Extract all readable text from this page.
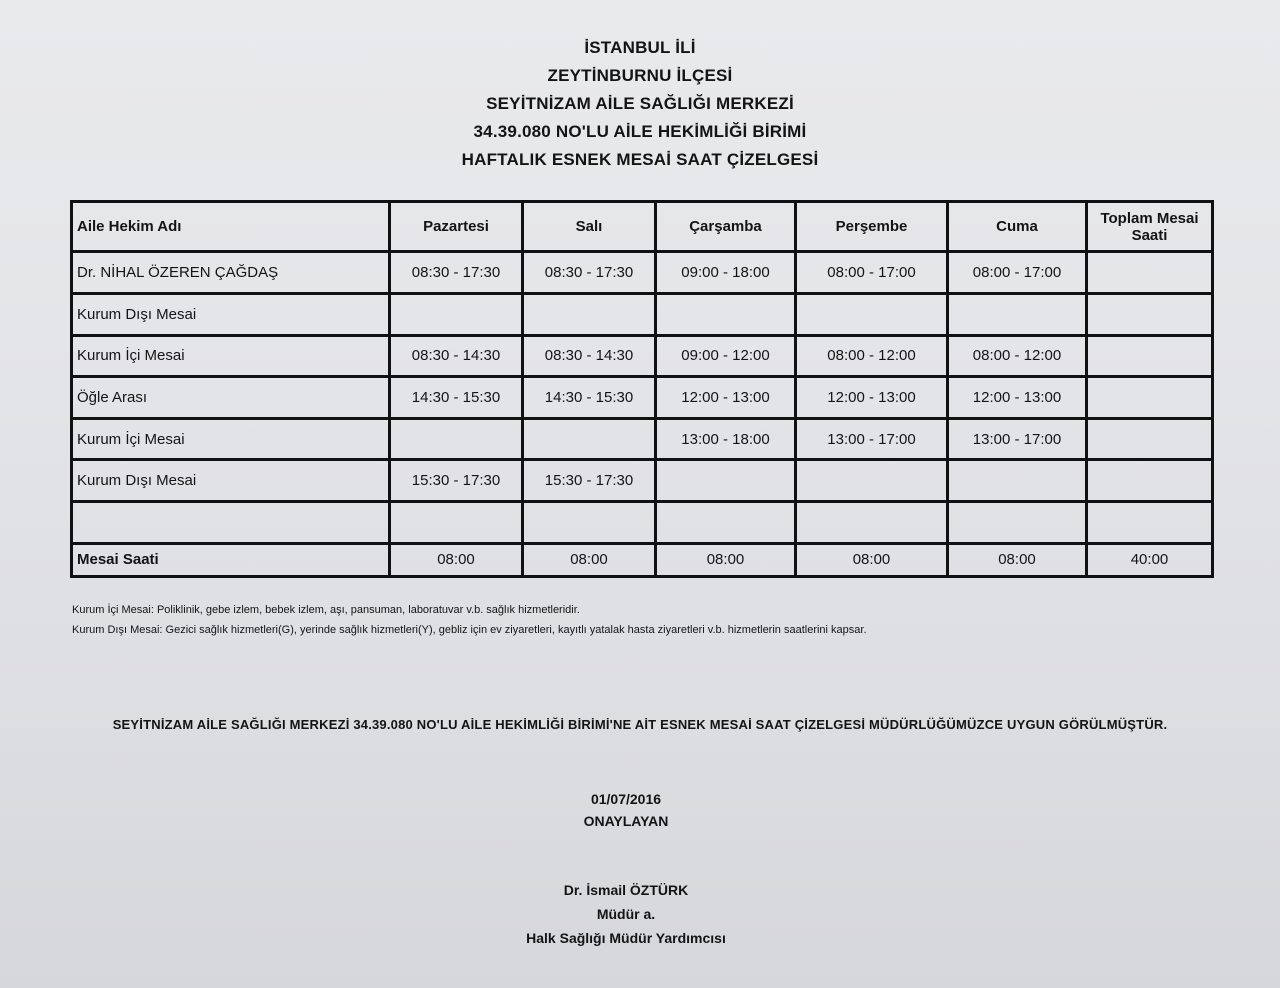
İSTANBUL İLİ
ZEYTİNBURNU İLÇESİ
SEYİTNİZAM AİLE SAĞLIĞI MERKEZİ
34.39.080 NO'LU AİLE HEKİMLİĞİ BİRİMİ
HAFTALIK ESNEK MESAİ SAAT ÇİZELGESİ
Aile Hekim Adı	Pazartesi	Salı	Çarşamba	Perşembe	Cuma	Toplam Mesai Saati
Dr. NİHAL ÖZEREN ÇAĞDAŞ	08:30 - 17:30	08:30 - 17:30	09:00 - 18:00	08:00 - 17:00	08:00 - 17:00	
Kurum Dışı Mesai						
Kurum İçi Mesai	08:30 - 14:30	08:30 - 14:30	09:00 - 12:00	08:00 - 12:00	08:00 - 12:00	
Öğle Arası	14:30 - 15:30	14:30 - 15:30	12:00 - 13:00	12:00 - 13:00	12:00 - 13:00	
Kurum İçi Mesai			13:00 - 18:00	13:00 - 17:00	13:00 - 17:00	
Kurum Dışı Mesai	15:30 - 17:30	15:30 - 17:30				

Mesai Saati	08:00	08:00	08:00	08:00	08:00	40:00
Kurum İçi Mesai: Poliklinik, gebe izlem, bebek izlem, aşı, pansuman, laboratuvar v.b. sağlık hizmetleridir.
Kurum Dışı Mesai: Gezici sağlık hizmetleri(G), yerinde sağlık hizmetleri(Y), gebliz için ev ziyaretleri, kayıtlı yatalak hasta ziyaretleri v.b. hizmetlerin saatlerini kapsar.
SEYİTNİZAM AİLE SAĞLIĞI MERKEZİ 34.39.080 NO'LU AİLE HEKİMLİĞİ BİRİMİ'NE AİT ESNEK MESAİ SAAT ÇİZELGESİ MÜDÜRLÜĞÜMÜZCE UYGUN GÖRÜLMÜŞTÜR.
01/07/2016
ONAYLAYAN
Dr. İsmail ÖZTÜRK
Müdür a.
Halk Sağlığı Müdür Yardımcısı
